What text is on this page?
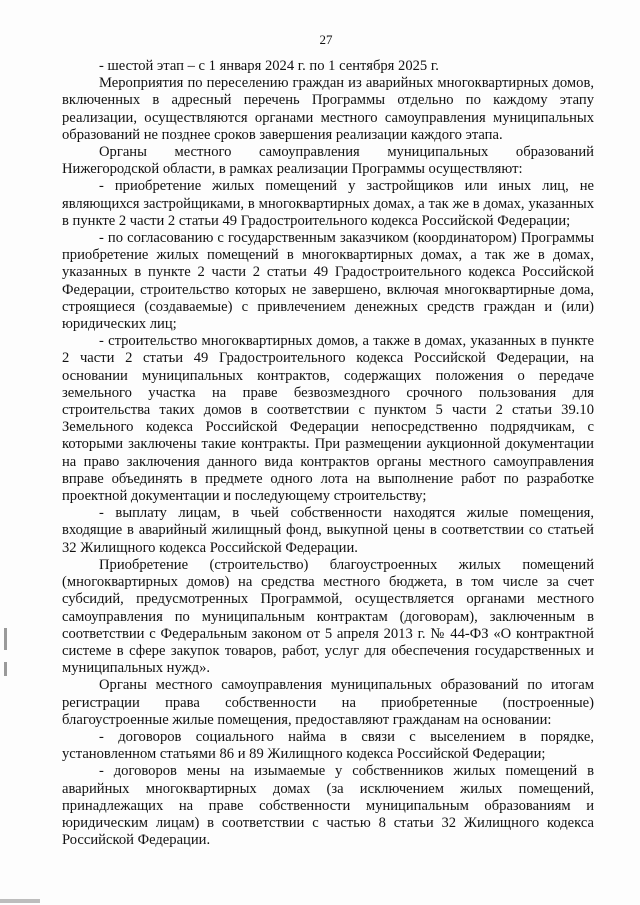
27

- шестой этап – с 1 января 2024 г. по 1 сентября 2025 г.

Мероприятия по переселению граждан из аварийных многоквартирных домов, включенных в адресный перечень Программы отдельно по каждому этапу реализации, осуществляются органами местного самоуправления муниципальных образований не позднее сроков завершения реализации каждого этапа.

Органы местного самоуправления муниципальных образований Нижегородской области, в рамках реализации Программы осуществляют:

- приобретение жилых помещений у застройщиков или иных лиц, не являющихся застройщиками, в многоквартирных домах, а так же в домах, указанных в пункте 2 части 2 статьи 49 Градостроительного кодекса Российской Федерации;

- по согласованию с государственным заказчиком (координатором) Программы приобретение жилых помещений в многоквартирных домах, а так же в домах, указанных в пункте 2 части 2 статьи 49 Градостроительного кодекса Российской Федерации, строительство которых не завершено, включая многоквартирные дома, строящиеся (создаваемые) с привлечением денежных средств граждан и (или) юридических лиц;

- строительство многоквартирных домов, а также в домах, указанных в пункте 2 части 2 статьи 49 Градостроительного кодекса Российской Федерации, на основании муниципальных контрактов, содержащих положения о передаче земельного участка на праве безвозмездного срочного пользования для строительства таких домов в соответствии с пунктом 5 части 2 статьи 39.10 Земельного кодекса Российской Федерации непосредственно подрядчикам, с которыми заключены такие контракты. При размещении аукционной документации на право заключения данного вида контрактов органы местного самоуправления вправе объединять в предмете одного лота на выполнение работ по разработке проектной документации и последующему строительству;

- выплату лицам, в чьей собственности находятся жилые помещения, входящие в аварийный жилищный фонд, выкупной цены в соответствии со статьей 32 Жилищного кодекса Российской Федерации.

Приобретение (строительство) благоустроенных жилых помещений (многоквартирных домов) на средства местного бюджета, в том числе за счет субсидий, предусмотренных Программой, осуществляется органами местного самоуправления по муниципальным контрактам (договорам), заключенным в соответствии с Федеральным законом от 5 апреля 2013 г. № 44-ФЗ «О контрактной системе в сфере закупок товаров, работ, услуг для обеспечения государственных и муниципальных нужд».

Органы местного самоуправления муниципальных образований по итогам регистрации права собственности на приобретенные (построенные) благоустроенные жилые помещения, предоставляют гражданам на основании:

- договоров социального найма в связи с выселением в порядке, установленном статьями 86 и 89 Жилищного кодекса Российской Федерации;

- договоров мены на изымаемые у собственников жилых помещений в аварийных многоквартирных домах (за исключением жилых помещений, принадлежащих на праве собственности муниципальным образованиям и юридическим лицам) в соответствии с частью 8 статьи 32 Жилищного кодекса Российской Федерации.
